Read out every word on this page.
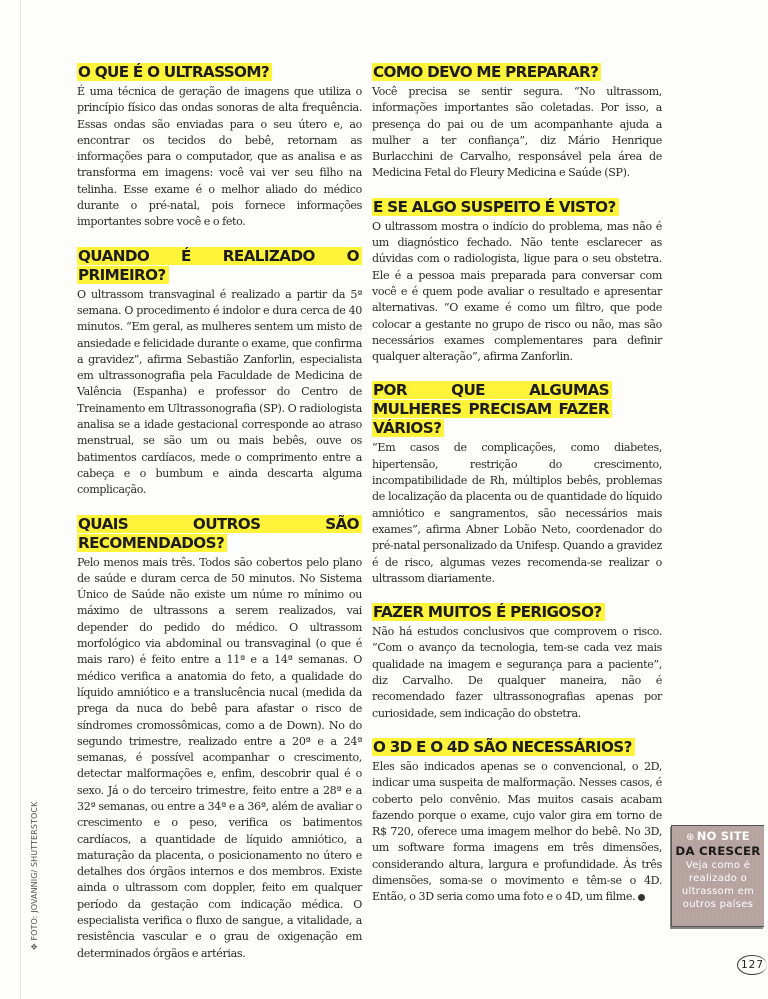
O QUE É O ULTRASSOM?

É uma técnica de geração de imagens que utiliza o princípio físico das ondas sonoras de alta frequência. Essas ondas são enviadas para o seu útero e, ao encontrar os tecidos do bebê, retornam as informações para o computador, que as analisa e as transforma em imagens: você vai ver seu filho na telinha. Esse exame é o melhor aliado do médico durante o pré-natal, pois fornece informações importantes sobre você e o feto.

QUANDO É REALIZADO O PRIMEIRO?

O ultrassom transvaginal é realizado a partir da 5ª semana. O procedimento é indolor e dura cerca de 40 minutos. “Em geral, as mulheres sentem um misto de ansiedade e felicidade durante o exame, que confirma a gravidez”, afirma Sebastião Zanforlin, especialista em ultrassonografia pela Faculdade de Medicina de Valência (Espanha) e professor do Centro de Treinamento em Ultrassonografia (SP). O radiologista analisa se a idade gestacional corresponde ao atraso menstrual, se são um ou mais bebês, ouve os batimentos cardíacos, mede o comprimento entre a cabeça e o bumbum e ainda descarta alguma complicação.

QUAIS OUTROS SÃO RECOMENDADOS?

Pelo menos mais três. Todos são cobertos pelo plano de saúde e duram cerca de 50 minutos. No Sistema Único de Saúde não existe um núme ro mínimo ou máximo de ultrassons a serem realizados, vai depender do pedido do médico. O ultrassom morfológico via abdominal ou transvaginal (o que é mais raro) é feito entre a 11ª e a 14ª semanas. O médico verifica a anatomia do feto, a qualidade do líquido amniótico e a translucência nucal (medida da prega da nuca do bebê para afastar o risco de síndromes cromossômicas, como a de Down). No do segundo trimestre, realizado entre a 20ª e a 24ª semanas, é possível acompanhar o crescimento, detectar malformações e, enfim, descobrir qual é o sexo. Já o do terceiro trimestre, feito entre a 28ª e a 32ª semanas, ou entre a 34ª e a 36ª, além de avaliar o crescimento e o peso, verifica os batimentos cardíacos, a quantidade de líquido amniótico, a maturação da placenta, o posicionamento no útero e detalhes dos órgãos internos e dos membros. Existe ainda o ultrassom com doppler, feito em qualquer período da gestação com indicação médica. O especialista verifica o fluxo de sangue, a vitalidade, a resistência vascular e o grau de oxigenação em determinados órgãos e artérias.

COMO DEVO ME PREPARAR?

Você precisa se sentir segura. “No ultrassom, informações importantes são coletadas. Por isso, a presença do pai ou de um acompanhante ajuda a mulher a ter confiança”, diz Mário Henrique Burlacchini de Carvalho, responsável pela área de Medicina Fetal do Fleury Medicina e Saúde (SP).

E SE ALGO SUSPEITO É VISTO?

O ultrassom mostra o indício do problema, mas não é um diagnóstico fechado. Não tente esclarecer as dúvidas com o radiologista, ligue para o seu obstetra. Ele é a pessoa mais preparada para conversar com você e é quem pode avaliar o resultado e apresentar alternativas. “O exame é como um filtro, que pode colocar a gestante no grupo de risco ou não, mas são necessários exames complementares para definir qualquer alteração”, afirma Zanforlin.

POR QUE ALGUMAS MULHERES PRECISAM FAZER VÁRIOS?

“Em casos de complicações, como diabetes, hipertensão, restrição do crescimento, incompatibilidade de Rh, múltiplos bebês, problemas de localização da placenta ou de quantidade do líquido amniótico e sangramentos, são necessários mais exames”, afirma Abner Lobão Neto, coordenador do pré-natal personalizado da Unifesp. Quando a gravidez é de risco, algumas vezes recomenda-se realizar o ultrassom diariamente.

FAZER MUITOS É PERIGOSO?

Não há estudos conclusivos que comprovem o risco. “Com o avanço da tecnologia, tem-se cada vez mais qualidade na imagem e segurança para a paciente”, diz Carvalho. De qualquer maneira, não é recomendado fazer ultrassonografias apenas por curiosidade, sem indicação do obstetra.

O 3D E O 4D SÃO NECESSÁRIOS?

Eles são indicados apenas se o convencional, o 2D, indicar uma suspeita de malformação. Nesses casos, é coberto pelo convênio. Mas muitos casais acabam fazendo porque o exame, cujo valor gira em torno de R$ 720, oferece uma imagem melhor do bebê. No 3D, um software forma imagens em três dimensões, considerando altura, largura e profundidade. Às três dimensões, soma-se o movimento e têm-se o 4D. Então, o 3D seria como uma foto e o 4D, um filme.

✥ FOTO: JOVANNIG/ SHUTTERSTOCK	⊕ NO SITE
DA CRESCER
Veja como é realizado o ultrassom em outros países
127
